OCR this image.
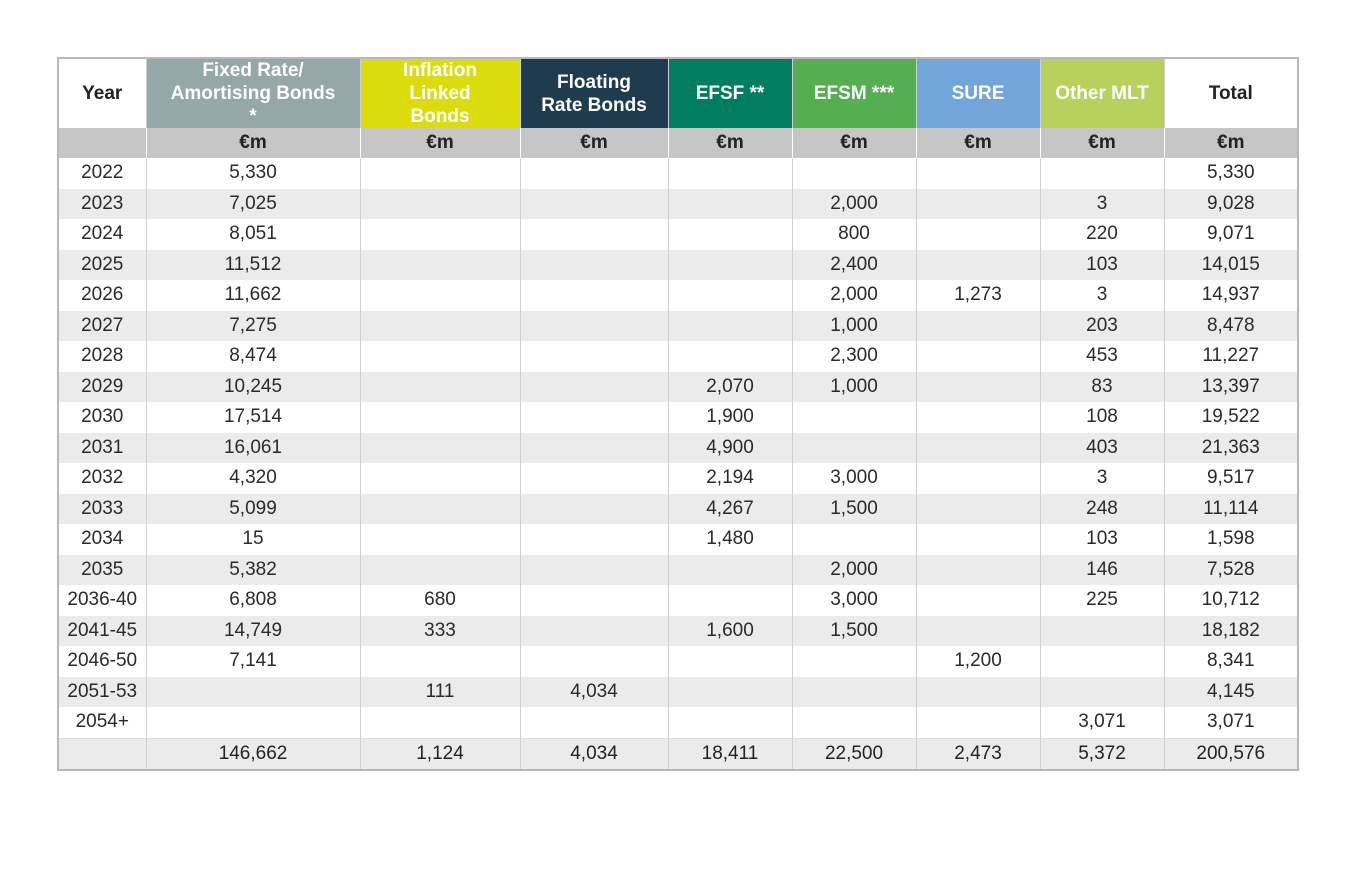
Year	Fixed Rate/ Amortising Bonds *	Inflation Linked Bonds	Floating Rate Bonds	EFSF **	EFSM ***	SURE	Other MLT	Total
	€m	€m	€m	€m	€m	€m	€m	€m
2022	5,330							5,330
2023	7,025				2,000		3	9,028
2024	8,051				800		220	9,071
2025	11,512				2,400		103	14,015
2026	11,662				2,000	1,273	3	14,937
2027	7,275				1,000		203	8,478
2028	8,474				2,300		453	11,227
2029	10,245			2,070	1,000		83	13,397
2030	17,514			1,900			108	19,522
2031	16,061			4,900			403	21,363
2032	4,320			2,194	3,000		3	9,517
2033	5,099			4,267	1,500		248	11,114
2034	15			1,480			103	1,598
2035	5,382				2,000		146	7,528
2036-40	6,808	680			3,000		225	10,712
2041-45	14,749	333		1,600	1,500			18,182
2046-50	7,141					1,200		8,341
2051-53		111	4,034					4,145
2054+							3,071	3,071
	146,662	1,124	4,034	18,411	22,500	2,473	5,372	200,576
